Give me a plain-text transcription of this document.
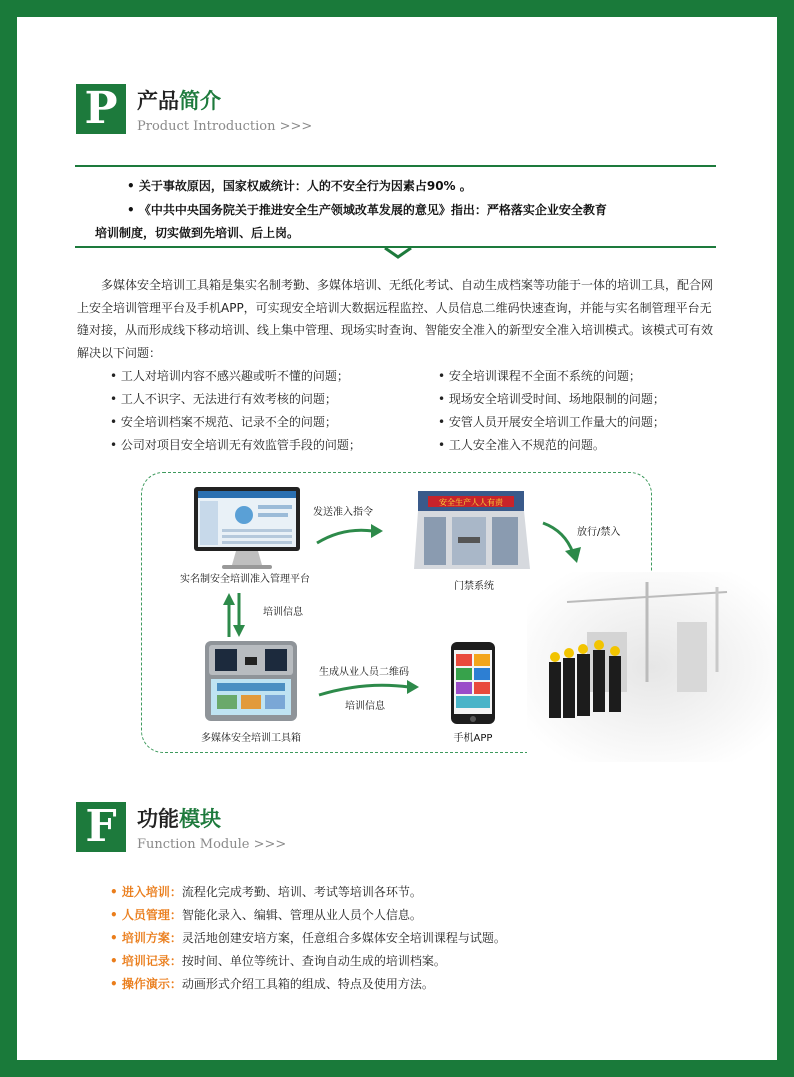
P 产品简介
Product Introduction >>>
• 关于事故原因，国家权威统计：人的不安全行为因素占90% 。
• 《中共中央国务院关于推进安全生产领域改革发展的意见》指出：严格落实企业安全教育
培训制度，切实做到先培训、后上岗。
多媒体安全培训工具箱是集实名制考勤、多媒体培训、无纸化考试、自动生成档案等功能于一体的培训工具，配合网上安全培训管理平台及手机APP，可实现安全培训大数据远程监控、人员信息二维码快速查询，并能与实名制管理平台无缝对接，从而形成线下移动培训、线上集中管理、现场实时查询、智能安全准入的新型安全准入培训模式。该模式可有效解决以下问题：
• 工人对培训内容不感兴趣或听不懂的问题；
• 工人不识字、无法进行有效考核的问题；
• 安全培训档案不规范、记录不全的问题；
• 公司对项目安全培训无有效监管手段的问题；
• 安全培训课程不全面不系统的问题；
• 现场安全培训受时间、场地限制的问题；
• 安管人员开展安全培训工作量大的问题；
• 工人安全准入不规范的问题。
实名制安全培训准入管理平台
发送准入指令
安全生产人人有责
门禁系统
放行/禁入
培训信息
多媒体安全培训工具箱
生成从业人员二维码
培训信息
手机APP
F 功能模块
Function Module >>>
• 进入培训：流程化完成考勤、培训、考试等培训各环节。
• 人员管理：智能化录入、编辑、管理从业人员个人信息。
• 培训方案：灵活地创建安培方案，任意组合多媒体安全培训课程与试题。
• 培训记录：按时间、单位等统计、查询自动生成的培训档案。
• 操作演示：动画形式介绍工具箱的组成、特点及使用方法。
